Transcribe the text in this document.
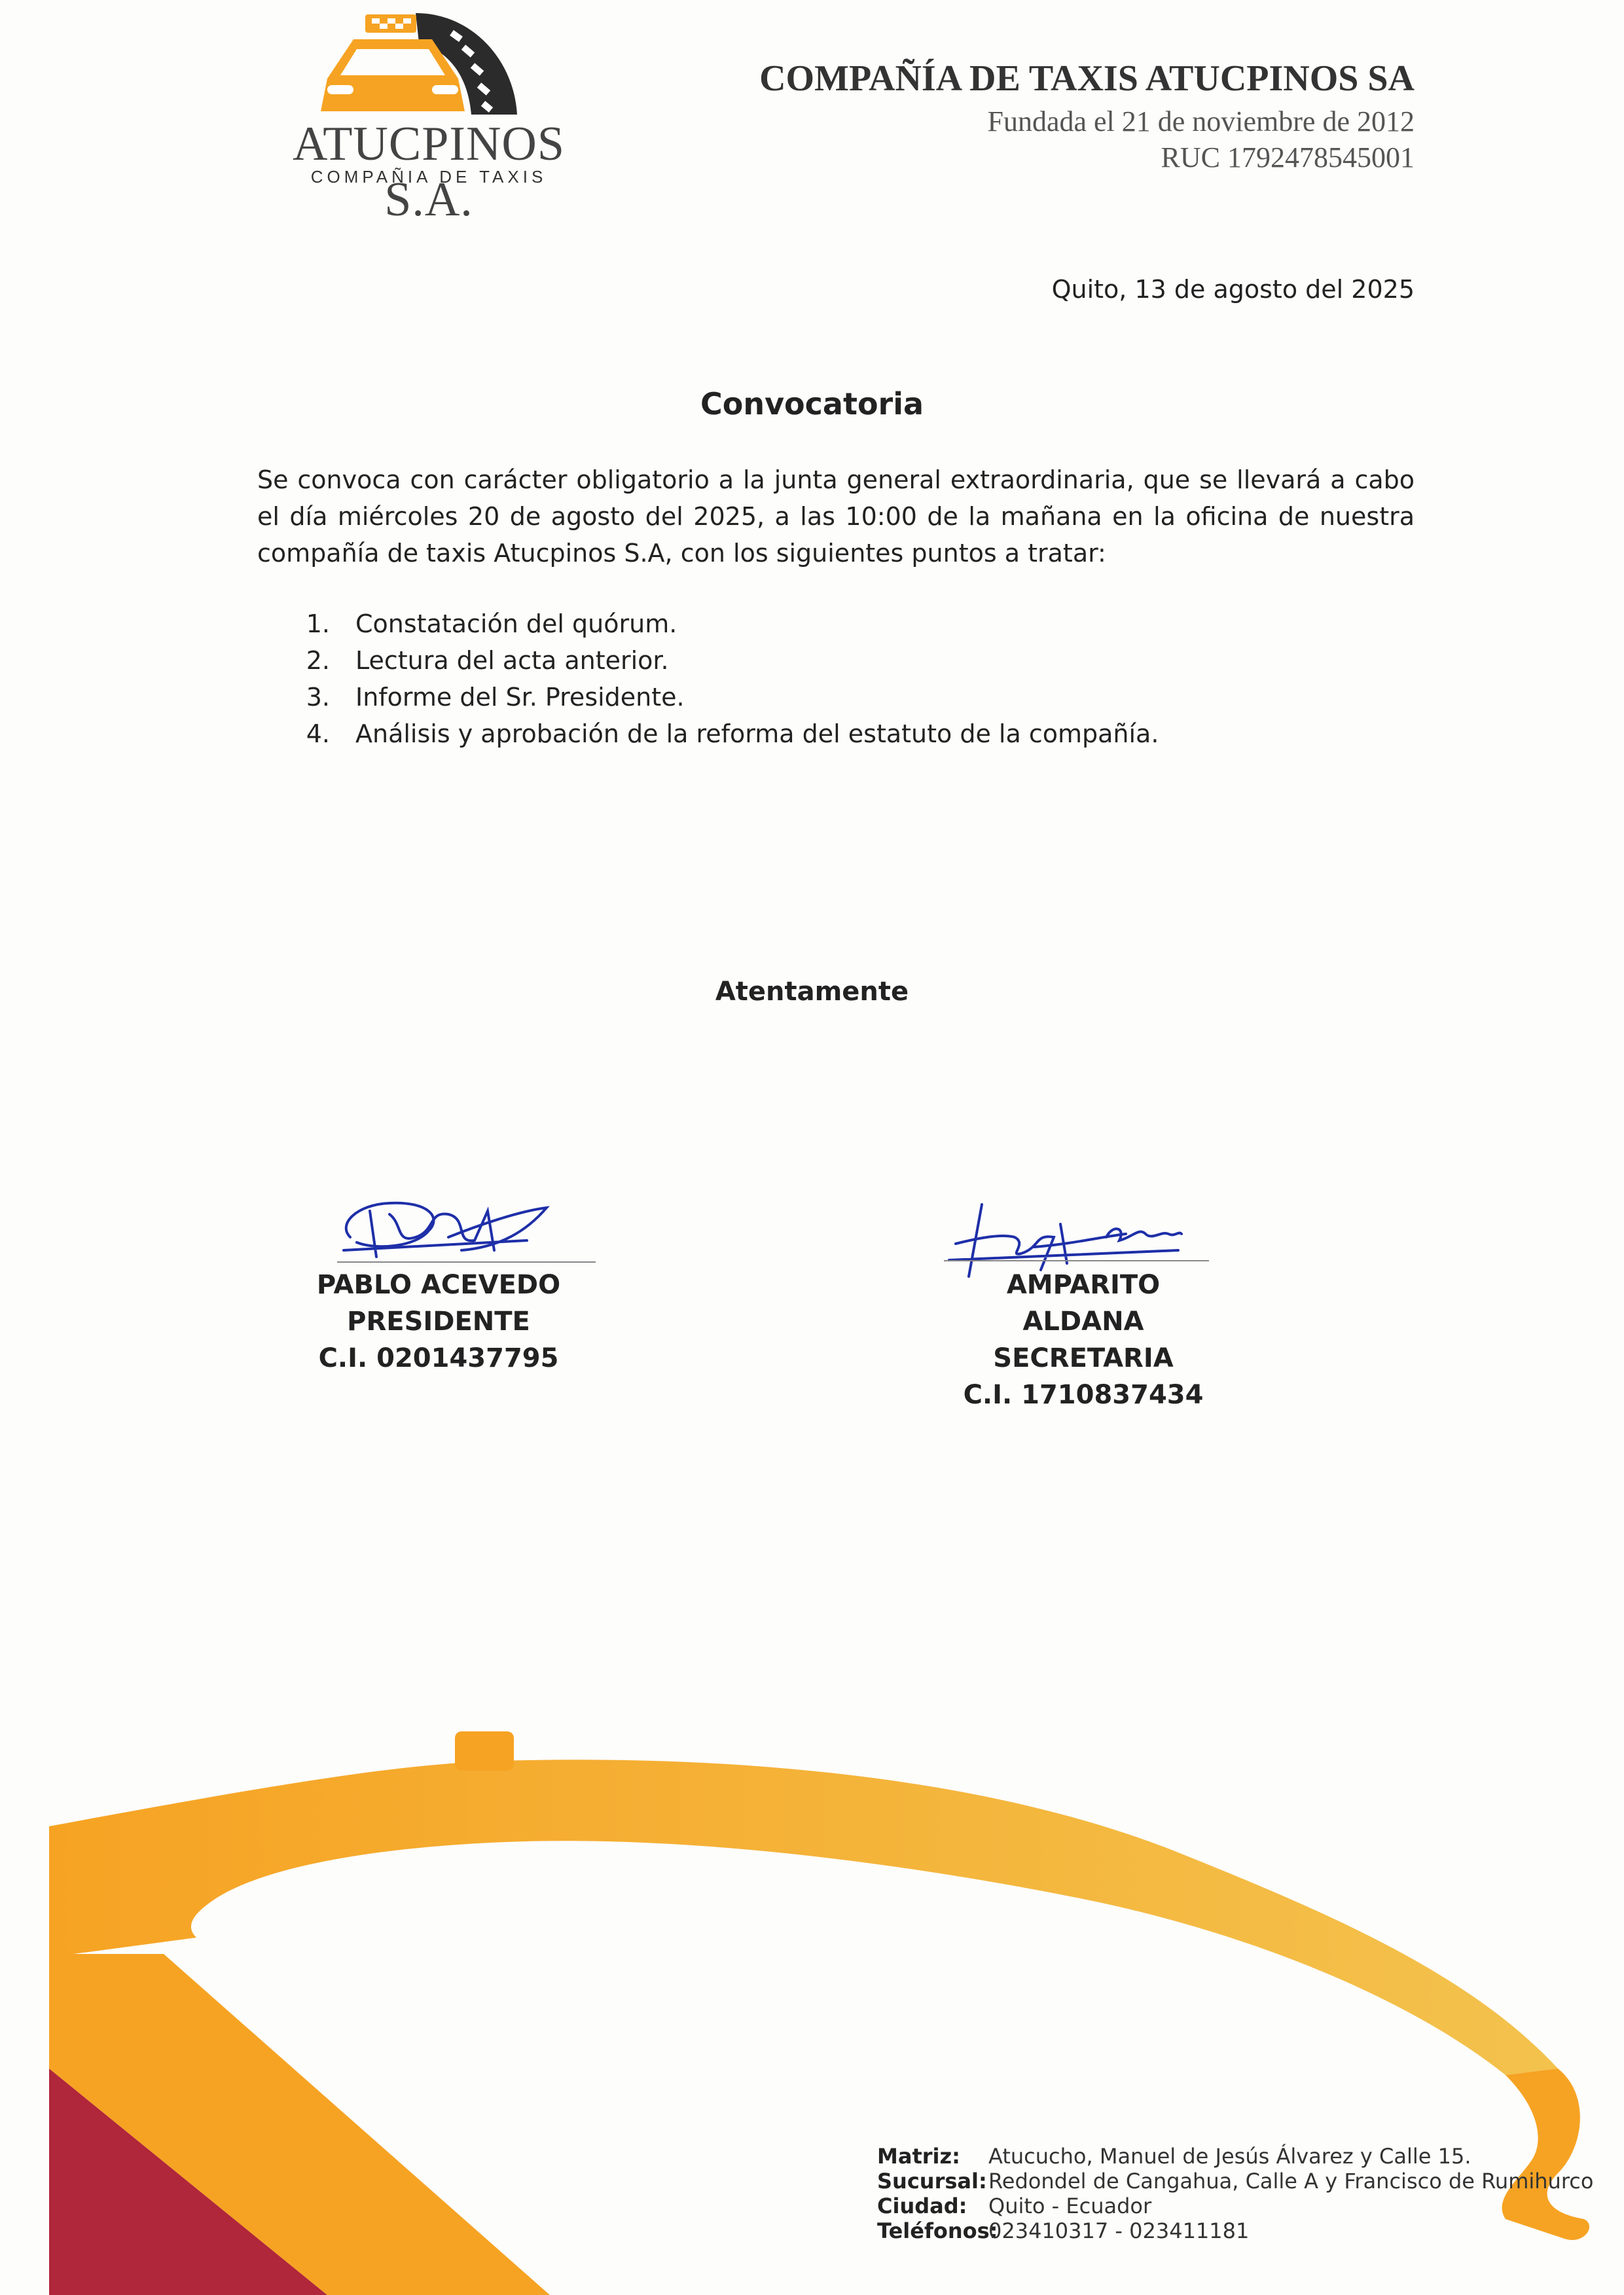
ATUCPINOS S.A.
COMPAÑIA DE TAXIS
COMPAÑÍA DE TAXIS ATUCPINOS SA
Fundada el 21 de noviembre de 2012
RUC 1792478545001
Quito, 13 de agosto del 2025
Convocatoria
Se convoca con carácter obligatorio a la junta general extraordinaria, que se llevará a cabo el día miércoles 20 de agosto del 2025, a las 10:00 de la mañana en la oficina de nuestra compañía de taxis Atucpinos S.A, con los siguientes puntos a tratar:
1. Constatación del quórum.
2. Lectura del acta anterior.
3. Informe del Sr. Presidente.
4. Análisis y aprobación de la reforma del estatuto de la compañía.
Atentamente
PABLO ACEVEDO
PRESIDENTE
C.I. 0201437795
AMPARITO ALDANA
SECRETARIA
C.I. 1710837434
Matriz: Atucucho, Manuel de Jesús Álvarez y Calle 15.
Sucursal:Redondel de Cangahua, Calle A y Francisco de Rumihurco
Ciudad: Quito - Ecuador
Teléfonos:023410317 - 023411181
